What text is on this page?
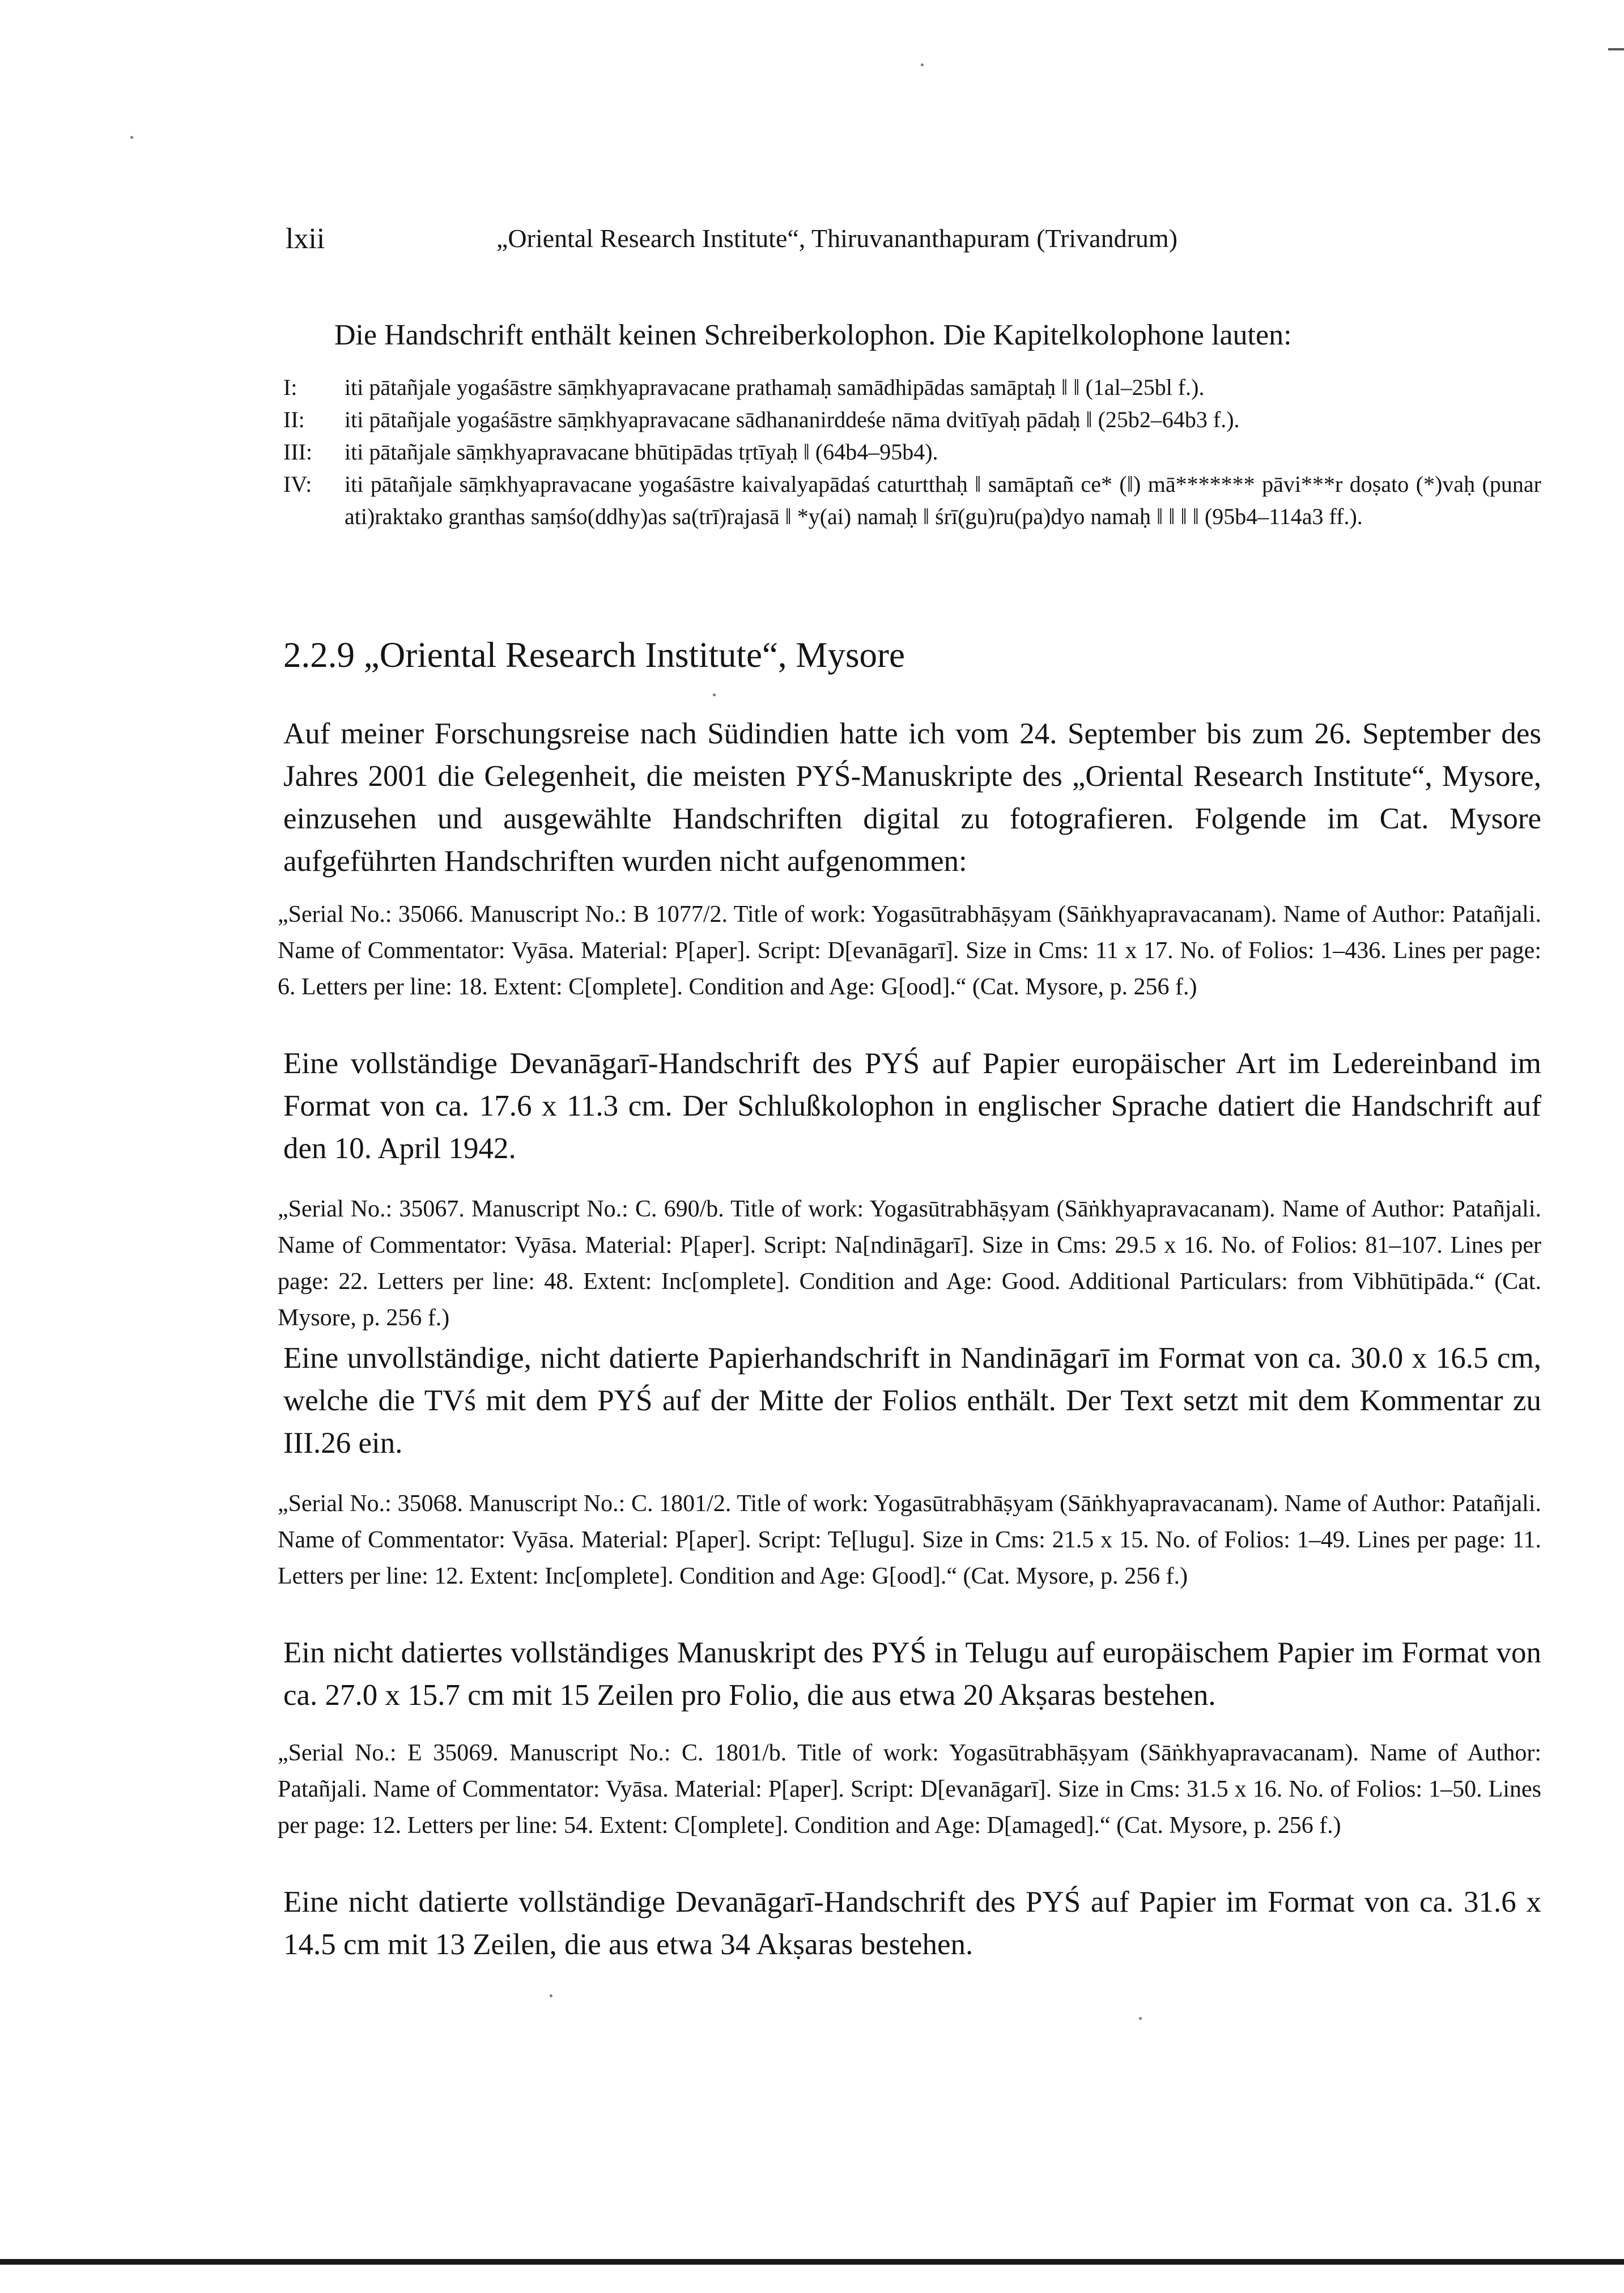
lxii	„Oriental Research Institute“, Thiruvananthapuram (Trivandrum)
Die Handschrift enthält keinen Schreiberkolophon. Die Kapitelkolophone lauten:
I: iti pātañjale yogaśāstre sāṃkhyapravacane prathamaḥ samādhipādas samāptaḥ ‖ ‖ (1al–25bl f.).
II: iti pātañjale yogaśāstre sāṃkhyapravacane sādhananirddeśe nāma dvitīyaḥ pādaḥ ‖ (25b2–64b3 f.).
III: iti pātañjale sāṃkhyapravacane bhūtipādas tṛtīyaḥ ‖ (64b4–95b4).
IV: iti pātañjale sāṃkhyapravacane yogaśāstre kaivalyapādaś caturtthaḥ ‖ samāptañ ce* (‖) mā******* pāvi***r doṣato (*)vaḥ (punar ati)raktako granthas saṃśo(ddhy)as sa(trī)rajasā ‖ *y(ai) namaḥ ‖ śrī(gu)ru(pa)dyo namaḥ ‖ ‖ ‖ ‖ (95b4–114a3 ff.).
2.2.9 „Oriental Research Institute“, Mysore
Auf meiner Forschungsreise nach Südindien hatte ich vom 24. September bis zum 26. September des Jahres 2001 die Gelegenheit, die meisten PYŚ-Manuskripte des „Oriental Research Institute“, Mysore, einzusehen und ausgewählte Handschriften digital zu fotografieren. Folgende im Cat. Mysore aufgeführten Handschriften wurden nicht aufgenommen:
„Serial No.: 35066. Manuscript No.: B 1077/2. Title of work: Yogasūtrabhāṣyam (Sāṅkhyapravacanam). Name of Author: Patañjali. Name of Commentator: Vyāsa. Material: P[aper]. Script: D[evanāgarī]. Size in Cms: 11 x 17. No. of Folios: 1–436. Lines per page: 6. Letters per line: 18. Extent: C[omplete]. Condition and Age: G[ood].“ (Cat. Mysore, p. 256 f.)
Eine vollständige Devanāgarī-Handschrift des PYŚ auf Papier europäischer Art im Ledereinband im Format von ca. 17.6 x 11.3 cm. Der Schlußkolophon in englischer Sprache datiert die Handschrift auf den 10. April 1942.
„Serial No.: 35067. Manuscript No.: C. 690/b. Title of work: Yogasūtrabhāṣyam (Sāṅkhyapravacanam). Name of Author: Patañjali. Name of Commentator: Vyāsa. Material: P[aper]. Script: Na[ndināgarī]. Size in Cms: 29.5 x 16. No. of Folios: 81–107. Lines per page: 22. Letters per line: 48. Extent: Inc[omplete]. Condition and Age: Good. Additional Particulars: from Vibhūtipāda.“ (Cat. Mysore, p. 256 f.)
Eine unvollständige, nicht datierte Papierhandschrift in Nandināgarī im Format von ca. 30.0 x 16.5 cm, welche die TVś mit dem PYŚ auf der Mitte der Folios enthält. Der Text setzt mit dem Kommentar zu III.26 ein.
„Serial No.: 35068. Manuscript No.: C. 1801/2. Title of work: Yogasūtrabhāṣyam (Sāṅkhyapravacanam). Name of Author: Patañjali. Name of Commentator: Vyāsa. Material: P[aper]. Script: Te[lugu]. Size in Cms: 21.5 x 15. No. of Folios: 1–49. Lines per page: 11. Letters per line: 12. Extent: Inc[omplete]. Condition and Age: G[ood].“ (Cat. Mysore, p. 256 f.)
Ein nicht datiertes vollständiges Manuskript des PYŚ in Telugu auf europäischem Papier im Format von ca. 27.0 x 15.7 cm mit 15 Zeilen pro Folio, die aus etwa 20 Akṣaras bestehen.
„Serial No.: E 35069. Manuscript No.: C. 1801/b. Title of work: Yogasūtrabhāṣyam (Sāṅkhyapravacanam). Name of Author: Patañjali. Name of Commentator: Vyāsa. Material: P[aper]. Script: D[evanāgarī]. Size in Cms: 31.5 x 16. No. of Folios: 1–50. Lines per page: 12. Letters per line: 54. Extent: C[omplete]. Condition and Age: D[amaged].“ (Cat. Mysore, p. 256 f.)
Eine nicht datierte vollständige Devanāgarī-Handschrift des PYŚ auf Papier im Format von ca. 31.6 x 14.5 cm mit 13 Zeilen, die aus etwa 34 Akṣaras bestehen.
